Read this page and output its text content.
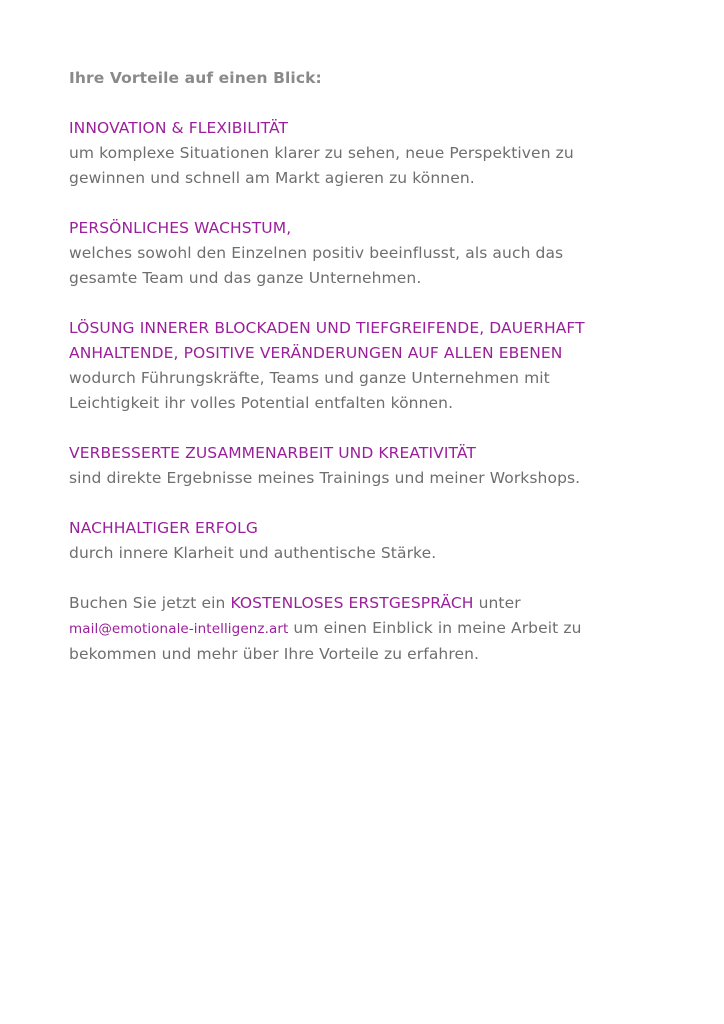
Ihre Vorteile auf einen Blick:
INNOVATION & FLEXIBILITÄT
um komplexe Situationen klarer zu sehen, neue Perspektiven zu
gewinnen und schnell am Markt agieren zu können.
PERSÖNLICHES WACHSTUM,
welches sowohl den Einzelnen positiv beeinflusst, als auch das
gesamte Team und das ganze Unternehmen.
LÖSUNG INNERER BLOCKADEN UND TIEFGREIFENDE, DAUERHAFT
ANHALTENDE, POSITIVE VERÄNDERUNGEN AUF ALLEN EBENEN
wodurch Führungskräfte, Teams und ganze Unternehmen mit
Leichtigkeit ihr volles Potential entfalten können.
VERBESSERTE ZUSAMMENARBEIT UND KREATIVITÄT
sind direkte Ergebnisse meines Trainings und meiner Workshops.
NACHHALTIGER ERFOLG
durch innere Klarheit und authentische Stärke.
Buchen Sie jetzt ein KOSTENLOSES ERSTGESPRÄCH unter
mail@emotionale-intelligenz.art um einen Einblick in meine Arbeit zu
bekommen und mehr über Ihre Vorteile zu erfahren.
